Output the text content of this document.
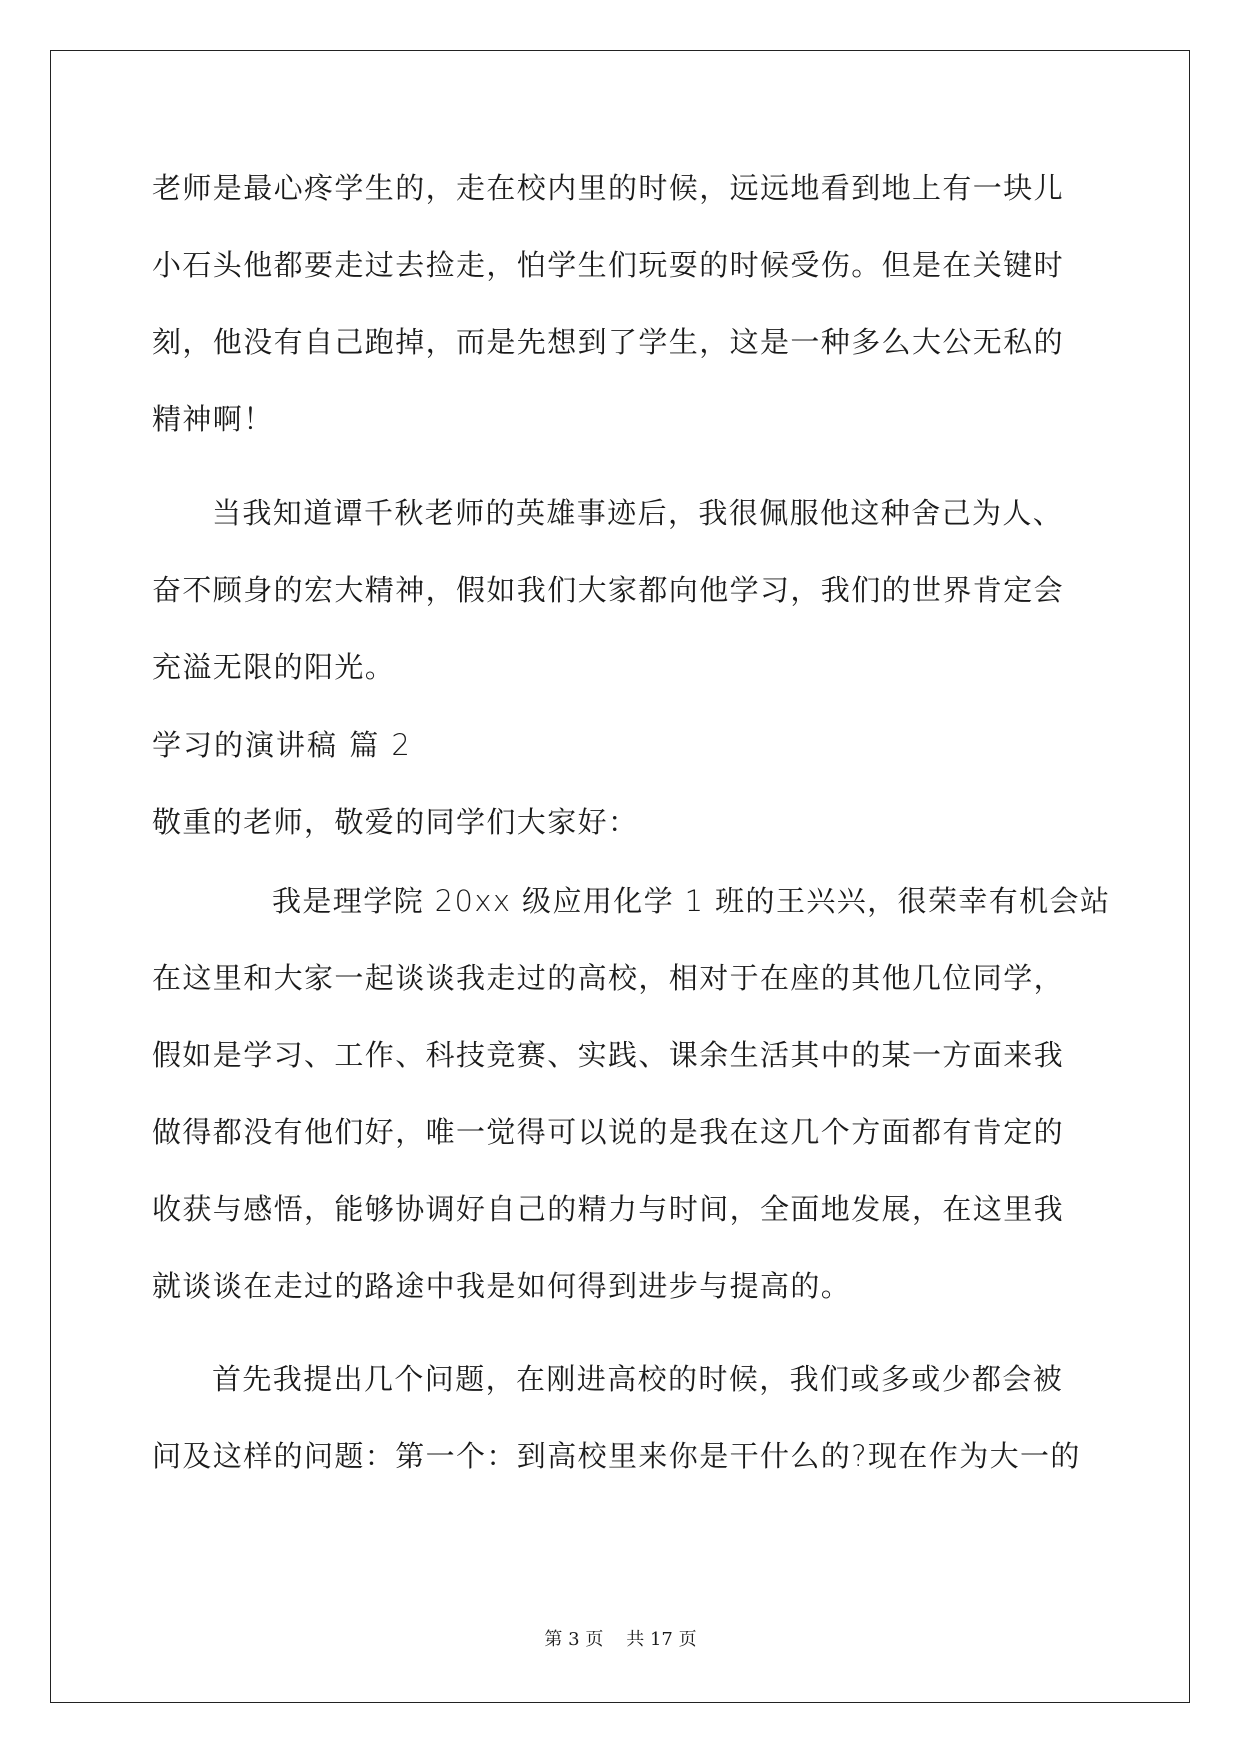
老师是最心疼学生的，走在校内里的时候，远远地看到地上有一块儿
小石头他都要走过去捡走，怕学生们玩耍的时候受伤。但是在关键时
刻，他没有自己跑掉，而是先想到了学生，这是一种多么大公无私的
精神啊！
当我知道谭千秋老师的英雄事迹后，我很佩服他这种舍己为人、
奋不顾身的宏大精神，假如我们大家都向他学习，我们的世界肯定会
充溢无限的阳光。
学习的演讲稿 篇 2
敬重的老师，敬爱的同学们大家好：
我是理学院 20xx 级应用化学 1 班的王兴兴，很荣幸有机会站
在这里和大家一起谈谈我走过的高校，相对于在座的其他几位同学，
假如是学习、工作、科技竞赛、实践、课余生活其中的某一方面来我
做得都没有他们好，唯一觉得可以说的是我在这几个方面都有肯定的
收获与感悟，能够协调好自己的精力与时间，全面地发展，在这里我
就谈谈在走过的路途中我是如何得到进步与提高的。
首先我提出几个问题，在刚进高校的时候，我们或多或少都会被
问及这样的问题：第一个：到高校里来你是干什么的?现在作为大一的
第 3 页 共 17 页
